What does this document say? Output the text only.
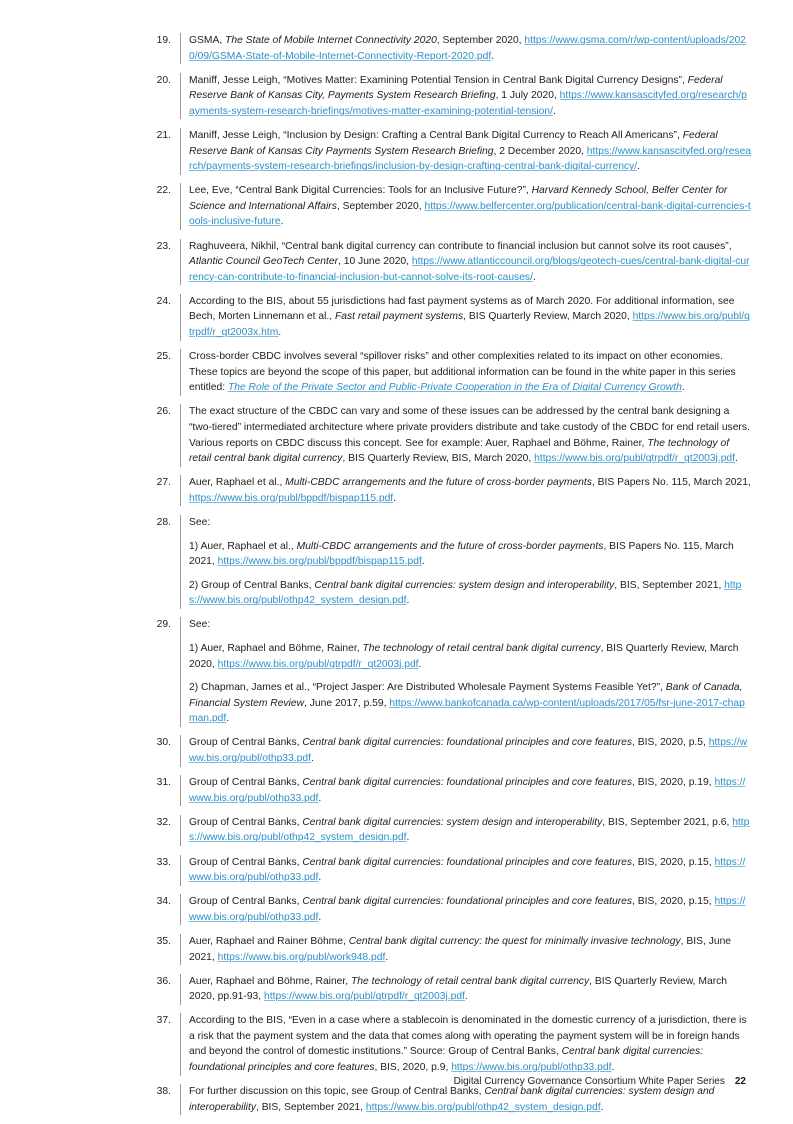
19.	GSMA, The State of Mobile Internet Connectivity 2020, September 2020, https://www.gsma.com/r/wp-content/uploads/2020/09/GSMA-State-of-Mobile-Internet-Connectivity-Report-2020.pdf.

20.	Maniff, Jesse Leigh, “Motives Matter: Examining Potential Tension in Central Bank Digital Currency Designs”, Federal Reserve Bank of Kansas City, Payments System Research Briefing, 1 July 2020, https://www.kansascityfed.org/research/payments-system-research-briefings/motives-matter-examining-potential-tension/.

21.	Maniff, Jesse Leigh, “Inclusion by Design: Crafting a Central Bank Digital Currency to Reach All Americans”, Federal Reserve Bank of Kansas City Payments System Research Briefing, 2 December 2020, https://www.kansascityfed.org/research/payments-system-research-briefings/inclusion-by-design-crafting-central-bank-digital-currency/.

22.	Lee, Eve, “Central Bank Digital Currencies: Tools for an Inclusive Future?”, Harvard Kennedy School, Belfer Center for Science and International Affairs, September 2020, https://www.belfercenter.org/publication/central-bank-digital-currencies-tools-inclusive-future.

23.	Raghuveera, Nikhil, “Central bank digital currency can contribute to financial inclusion but cannot solve its root causes”, Atlantic Council GeoTech Center, 10 June 2020, https://www.atlanticcouncil.org/blogs/geotech-cues/central-bank-digital-currency-can-contribute-to-financial-inclusion-but-cannot-solve-its-root-causes/.

24.	According to the BIS, about 55 jurisdictions had fast payment systems as of March 2020. For additional information, see Bech, Morten Linnemann et al., Fast retail payment systems, BIS Quarterly Review, March 2020, https://www.bis.org/publ/qtrpdf/r_qt2003x.htm.

25.	Cross-border CBDC involves several “spillover risks” and other complexities related to its impact on other economies. These topics are beyond the scope of this paper, but additional information can be found in the white paper in this series entitled: The Role of the Private Sector and Public-Private Cooperation in the Era of Digital Currency Growth.

26.	The exact structure of the CBDC can vary and some of these issues can be addressed by the central bank designing a “two-tiered” intermediated architecture where private providers distribute and take custody of the CBDC for end retail users. Various reports on CBDC discuss this concept. See for example: Auer, Raphael and Böhme, Rainer, The technology of retail central bank digital currency, BIS Quarterly Review, BIS, March 2020, https://www.bis.org/publ/qtrpdf/r_qt2003j.pdf.

27.	Auer, Raphael et al., Multi-CBDC arrangements and the future of cross-border payments, BIS Papers No. 115, March 2021, https://www.bis.org/publ/bppdf/bispap115.pdf.

28.	See:

1) Auer, Raphael et al., Multi-CBDC arrangements and the future of cross-border payments, BIS Papers No. 115, March 2021, https://www.bis.org/publ/bppdf/bispap115.pdf.

2) Group of Central Banks, Central bank digital currencies: system design and interoperability, BIS, September 2021, https://www.bis.org/publ/othp42_system_design.pdf.

29.	See:

1) Auer, Raphael and Böhme, Rainer, The technology of retail central bank digital currency, BIS Quarterly Review, March 2020, https://www.bis.org/publ/qtrpdf/r_qt2003j.pdf.

2) Chapman, James et al., “Project Jasper: Are Distributed Wholesale Payment Systems Feasible Yet?”, Bank of Canada, Financial System Review, June 2017, p.59, https://www.bankofcanada.ca/wp-content/uploads/2017/05/fsr-june-2017-chapman.pdf.

30.	Group of Central Banks, Central bank digital currencies: foundational principles and core features, BIS, 2020, p.5, https://www.bis.org/publ/othp33.pdf.

31.	Group of Central Banks, Central bank digital currencies: foundational principles and core features, BIS, 2020, p.19, https://www.bis.org/publ/othp33.pdf.

32.	Group of Central Banks, Central bank digital currencies: system design and interoperability, BIS, September 2021, p.6, https://www.bis.org/publ/othp42_system_design.pdf.

33.	Group of Central Banks, Central bank digital currencies: foundational principles and core features, BIS, 2020, p.15, https://www.bis.org/publ/othp33.pdf.

34.	Group of Central Banks, Central bank digital currencies: foundational principles and core features, BIS, 2020, p.15, https://www.bis.org/publ/othp33.pdf.

35.	Auer, Raphael and Rainer Böhme, Central bank digital currency: the quest for minimally invasive technology, BIS, June 2021, https://www.bis.org/publ/work948.pdf.

36.	Auer, Raphael and Böhme, Rainer, The technology of retail central bank digital currency, BIS Quarterly Review, March 2020, pp.91-93, https://www.bis.org/publ/qtrpdf/r_qt2003j.pdf.

37.	According to the BIS, “Even in a case where a stablecoin is denominated in the domestic currency of a jurisdiction, there is a risk that the payment system and the data that comes along with operating the payment system will be in foreign hands and beyond the control of domestic institutions.” Source: Group of Central Banks, Central bank digital currencies: foundational principles and core features, BIS, 2020, p.9, https://www.bis.org/publ/othp33.pdf.

38.	For further discussion on this topic, see Group of Central Banks, Central bank digital currencies: system design and interoperability, BIS, September 2021, https://www.bis.org/publ/othp42_system_design.pdf.

Digital Currency Governance Consortium White Paper Series 22
